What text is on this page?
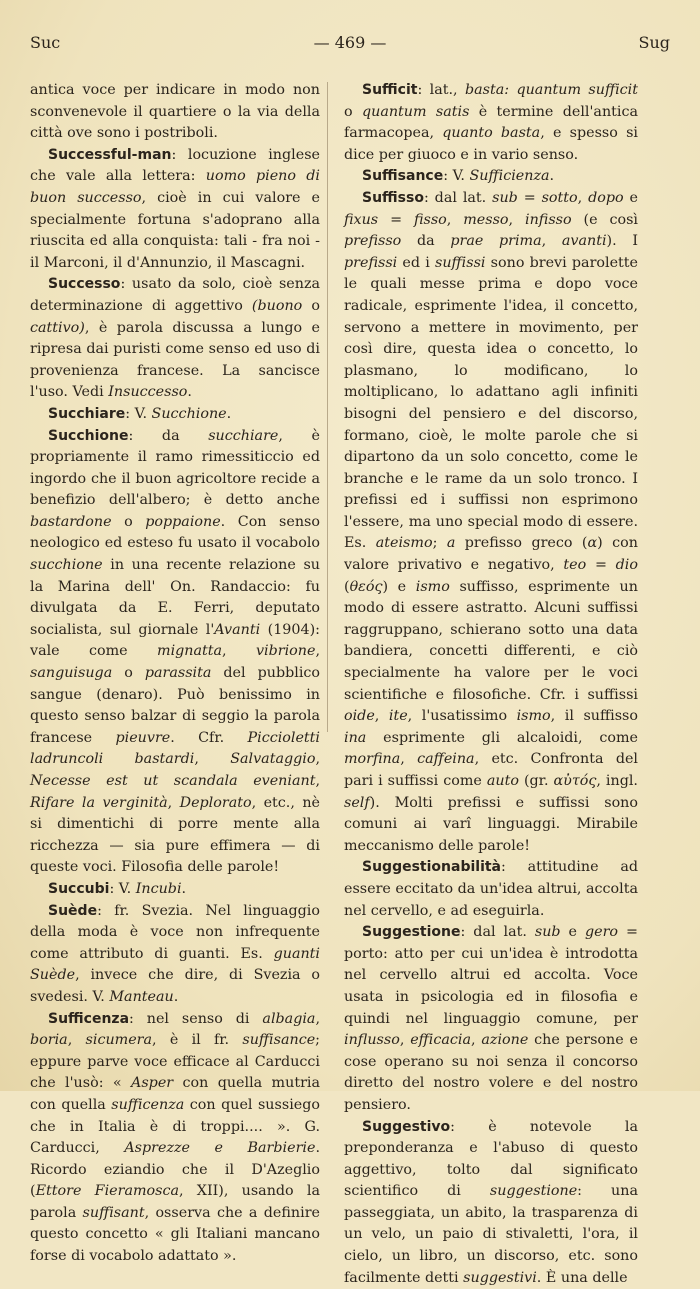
Suc	— 469 —	Sug

antica voce per indicare in modo non sconvenevole il quartiere o la via della città ove sono i postriboli.

Successful-man: locuzione inglese che vale alla lettera: uomo pieno di buon successo, cioè in cui valore e specialmente fortuna s'adoprano alla riuscita ed alla conquista: tali - fra noi - il Marconi, il d'Annunzio, il Mascagni.

Successo: usato da solo, cioè senza determinazione di aggettivo (buono o cattivo), è parola discussa a lungo e ripresa dai puristi come senso ed uso di provenienza francese. La sancisce l'uso. Vedi Insuccesso.

Succhiare: V. Succhione.

Succhione: da succhiare, è propriamente il ramo rimessiticcio ed ingordo che il buon agricoltore recide a benefizio dell'albero; è detto anche bastardone o poppaione. Con senso neologico ed esteso fu usato il vocabolo succhione in una recente relazione su la Marina dell' On. Randaccio: fu divulgata da E. Ferri, deputato socialista, sul giornale l'Avanti (1904): vale come mignatta, vibrione, sanguisuga o parassita del pubblico sangue (denaro). Può benissimo in questo senso balzar di seggio la parola francese pieuvre. Cfr. Piccioletti ladruncoli bastardi, Salvataggio, Necesse est ut scandala eveniant, Rifare la verginità, Deplorato, etc., nè si dimentichi di porre mente alla ricchezza — sia pure effimera — di queste voci. Filosofia delle parole!

Succubi: V. Incubi.

Suède: fr. Svezia. Nel linguaggio della moda è voce non infrequente come attributo di guanti. Es. guanti Suède, invece che dire, di Svezia o svedesi. V. Manteau.

Sufficenza: nel senso di albagia, boria, sicumera, è il fr. suffisance; eppure parve voce efficace al Carducci che l'usò: « Asper con quella mutria con quella sufficenza con quel sussiego che in Italia è di troppi.... ». G. Carducci, Asprezze e Barbierie. Ricordo eziandio che il D'Azeglio (Ettore Fieramosca, XII), usando la parola suffisant, osserva che a definire questo concetto « gli Italiani mancano forse di vocabolo adattato ».

Sufficit: lat., basta: quantum sufficit o quantum satis è termine dell'antica farmacopea, quanto basta, e spesso si dice per giuoco e in vario senso.

Suffisance: V. Sufficienza.

Suffisso: dal lat. sub = sotto, dopo e fixus = fisso, messo, infisso (e così prefisso da prae prima, avanti). I prefissi ed i suffissi sono brevi parolette le quali messe prima e dopo voce radicale, esprimente l'idea, il concetto, servono a mettere in movimento, per così dire, questa idea o concetto, lo plasmano, lo modificano, lo moltiplicano, lo adattano agli infiniti bisogni del pensiero e del discorso, formano, cioè, le molte parole che si dipartono da un solo concetto, come le branche e le rame da un solo tronco. I prefissi ed i suffissi non esprimono l'essere, ma uno special modo di essere. Es. ateismo; a prefisso greco (α) con valore privativo e negativo, teo = dio (θεός) e ismo suffisso, esprimente un modo di essere astratto. Alcuni suffissi raggruppano, schierano sotto una data bandiera, concetti differenti, e ciò specialmente ha valore per le voci scientifiche e filosofiche. Cfr. i suffissi oide, ite, l'usatissimo ismo, il suffisso ina esprimente gli alcaloidi, come morfina, caffeina, etc. Confronta del pari i suffissi come auto (gr. αὐτός, ingl. self). Molti prefissi e suffissi sono comuni ai varî linguaggi. Mirabile meccanismo delle parole!

Suggestionabilità: attitudine ad essere eccitato da un'idea altrui, accolta nel cervello, e ad eseguirla.

Suggestione: dal lat. sub e gero = porto: atto per cui un'idea è introdotta nel cervello altrui ed accolta. Voce usata in psicologia ed in filosofia e quindi nel linguaggio comune, per influsso, efficacia, azione che persone e cose operano su noi senza il concorso diretto del nostro volere e del nostro pensiero.

Suggestivo: è notevole la preponderanza e l'abuso di questo aggettivo, tolto dal significato scientifico di suggestione: una passeggiata, un abito, la trasparenza di un velo, un paio di stivaletti, l'ora, il cielo, un libro, un discorso, etc. sono facilmente detti suggestivi. È una delle
